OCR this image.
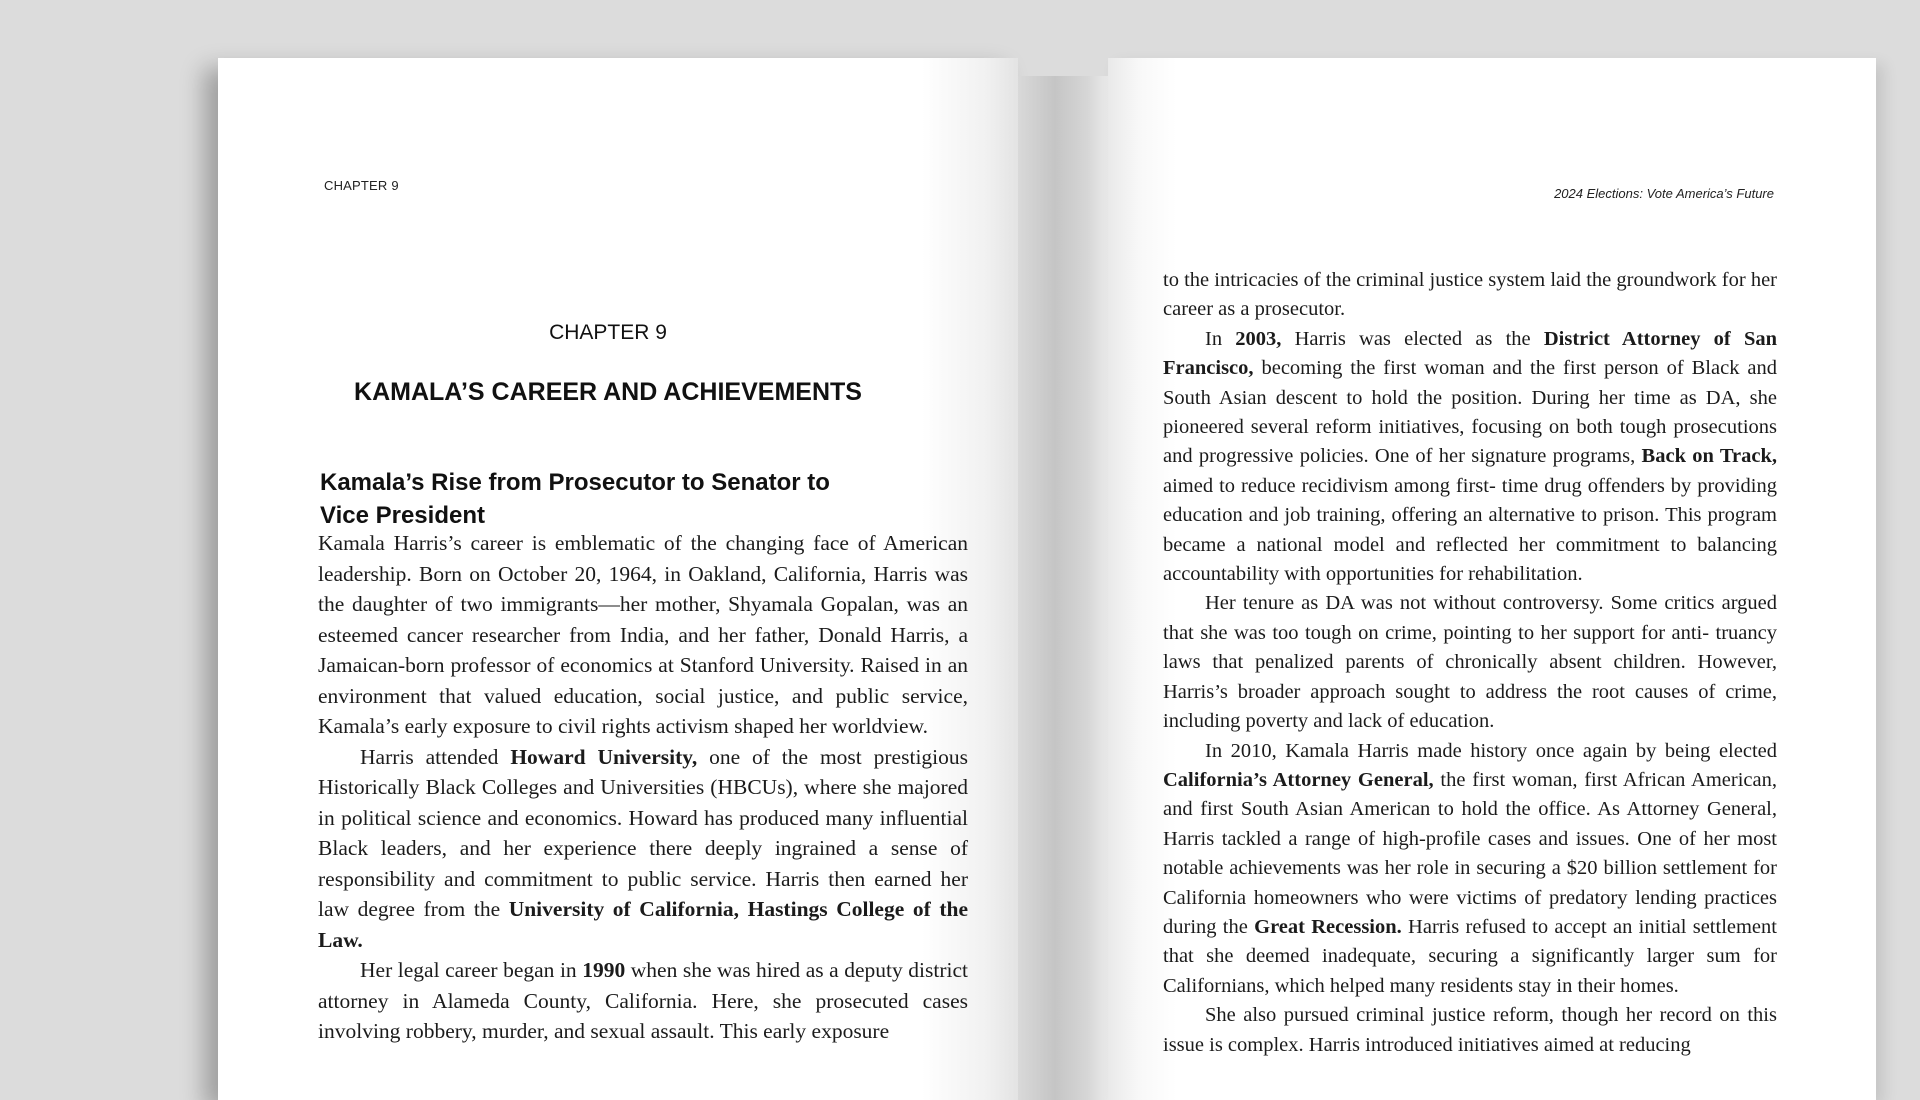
CHAPTER 9
CHAPTER 9
KAMALA’S CAREER AND ACHIEVEMENTS
Kamala’s Rise from Prosecutor to Senator to Vice President

Kamala Harris’s career is emblematic of the changing face of American leadership. Born on October 20, 1964, in Oakland, California, Harris was the daughter of two immigrants—her mother, Shyamala Gopalan, was an esteemed cancer researcher from India, and her father, Donald Harris, a Jamaican-born professor of economics at Stanford University. Raised in an environment that valued education, social justice, and public service, Kamala’s early exposure to civil rights activism shaped her worldview.

Harris attended Howard University, one of the most prestigious Historically Black Colleges and Universities (HBCUs), where she majored in political science and economics. Howard has produced many influential Black leaders, and her experience there deeply ingrained a sense of responsibility and commitment to public service. Harris then earned her law degree from the University of California, Hastings College of the Law.

Her legal career began in 1990 when she was hired as a deputy district attorney in Alameda County, California. Here, she prosecuted cases involving robbery, murder, and sexual assault. This early exposure

2024 Elections: Vote America’s Future

to the intricacies of the criminal justice system laid the groundwork for her career as a prosecutor.

In 2003, Harris was elected as the District Attorney of San Francisco, becoming the first woman and the first person of Black and South Asian descent to hold the position. During her time as DA, she pioneered several reform initiatives, focusing on both tough prosecutions and progressive policies. One of her signature programs, Back on Track, aimed to reduce recidivism among first- time drug offenders by providing education and job training, offering an alternative to prison. This program became a national model and reflected her commitment to balancing accountability with opportunities for rehabilitation.

Her tenure as DA was not without controversy. Some critics argued that she was too tough on crime, pointing to her support for anti- truancy laws that penalized parents of chronically absent children. However, Harris’s broader approach sought to address the root causes of crime, including poverty and lack of education.

In 2010, Kamala Harris made history once again by being elected California’s Attorney General, the first woman, first African American, and first South Asian American to hold the office. As Attorney General, Harris tackled a range of high-profile cases and issues. One of her most notable achievements was her role in securing a $20 billion settlement for California homeowners who were victims of predatory lending practices during the Great Recession. Harris refused to accept an initial settlement that she deemed inadequate, securing a significantly larger sum for Californians, which helped many residents stay in their homes.

She also pursued criminal justice reform, though her record on this issue is complex. Harris introduced initiatives aimed at reducing
